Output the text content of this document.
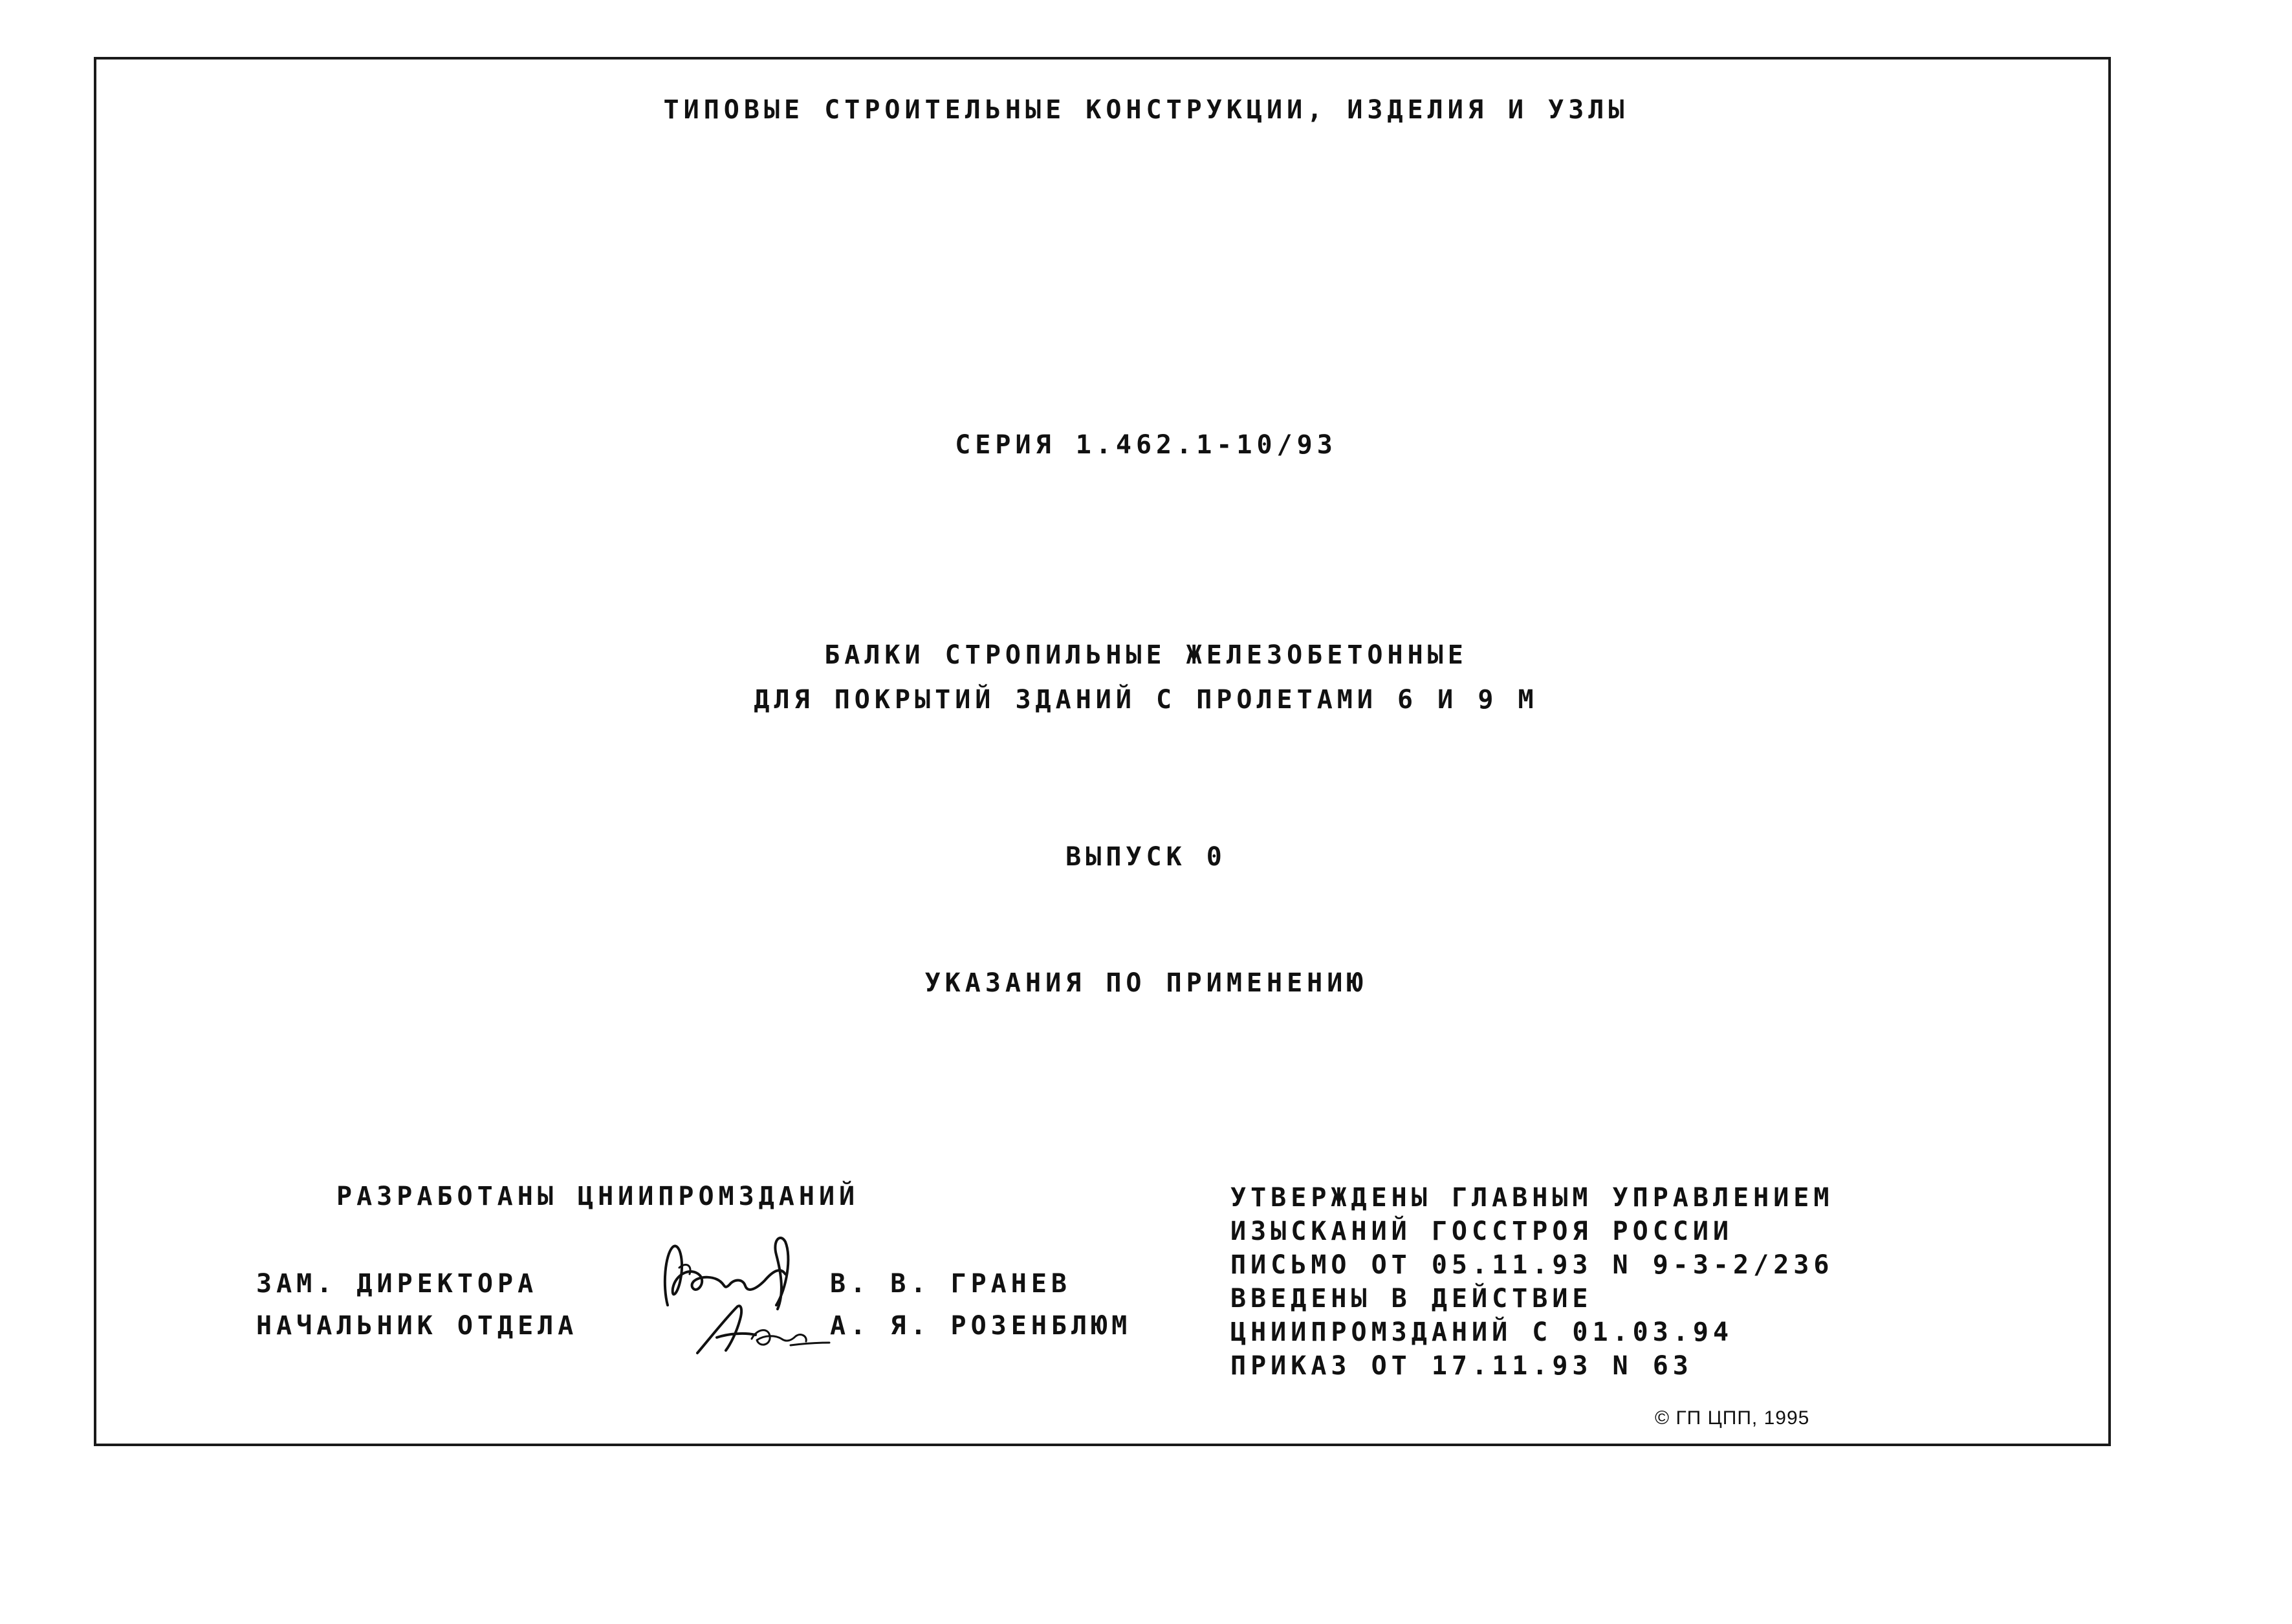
ТИПОВЫЕ СТРОИТЕЛЬНЫЕ КОНСТРУКЦИИ, ИЗДЕЛИЯ И УЗЛЫ
СЕРИЯ 1.462.1-10/93
БАЛКИ СТРОПИЛЬНЫЕ ЖЕЛЕЗОБЕТОННЫЕ
ДЛЯ ПОКРЫТИЙ ЗДАНИЙ С ПРОЛЕТАМИ 6 И 9 М
ВЫПУСК 0
УКАЗАНИЯ ПО ПРИМЕНЕНИЮ
РАЗРАБОТАНЫ ЦНИИПРОМЗДАНИЙ
ЗАМ. ДИРЕКТОРА	В. В. ГРАНЕВ
НАЧАЛЬНИК ОТДЕЛА	А. Я. РОЗЕНБЛЮМ
УТВЕРЖДЕНЫ ГЛАВНЫМ УПРАВЛЕНИЕМ
ИЗЫСКАНИЙ ГОССТРОЯ РОССИИ
ПИСЬМО ОТ 05.11.93 N 9-3-2/236
ВВЕДЕНЫ В ДЕЙСТВИЕ
ЦНИИПРОМЗДАНИЙ С 01.03.94
ПРИКАЗ ОТ 17.11.93 N 63
© ГП ЦПП, 1995
